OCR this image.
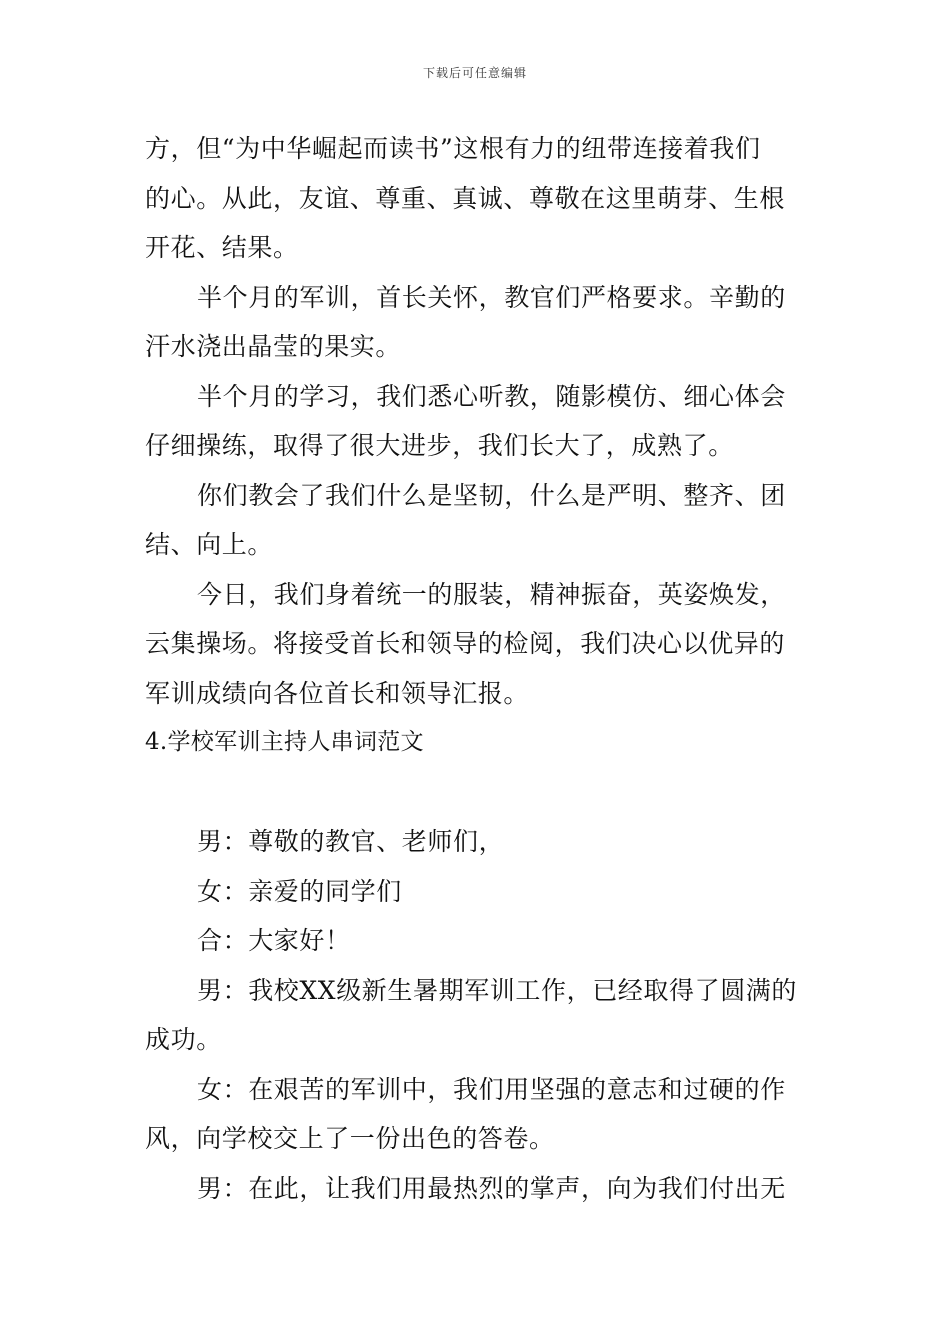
下载后可任意编辑
方，但“为中华崛起而读书”这根有力的纽带连接着我们
的心。从此，友谊、尊重、真诚、尊敬在这里萌芽、生根
开花、结果。
半个月的军训，首长关怀，教官们严格要求。辛勤的
汗水浇出晶莹的果实。
半个月的学习，我们悉心听教，随影模仿、细心体会
仔细操练，取得了很大进步，我们长大了，成熟了。
你们教会了我们什么是坚韧，什么是严明、整齐、团
结、向上。
今日，我们身着统一的服装，精神振奋，英姿焕发，
云集操场。将接受首长和领导的检阅，我们决心以优异的
军训成绩向各位首长和领导汇报。
4.学校军训主持人串词范文
男：尊敬的教官、老师们，
女：亲爱的同学们
合：大家好！
男：我校XX级新生暑期军训工作，已经取得了圆满的
成功。
女：在艰苦的军训中，我们用坚强的意志和过硬的作
风，向学校交上了一份出色的答卷。
男：在此，让我们用最热烈的掌声，向为我们付出无
